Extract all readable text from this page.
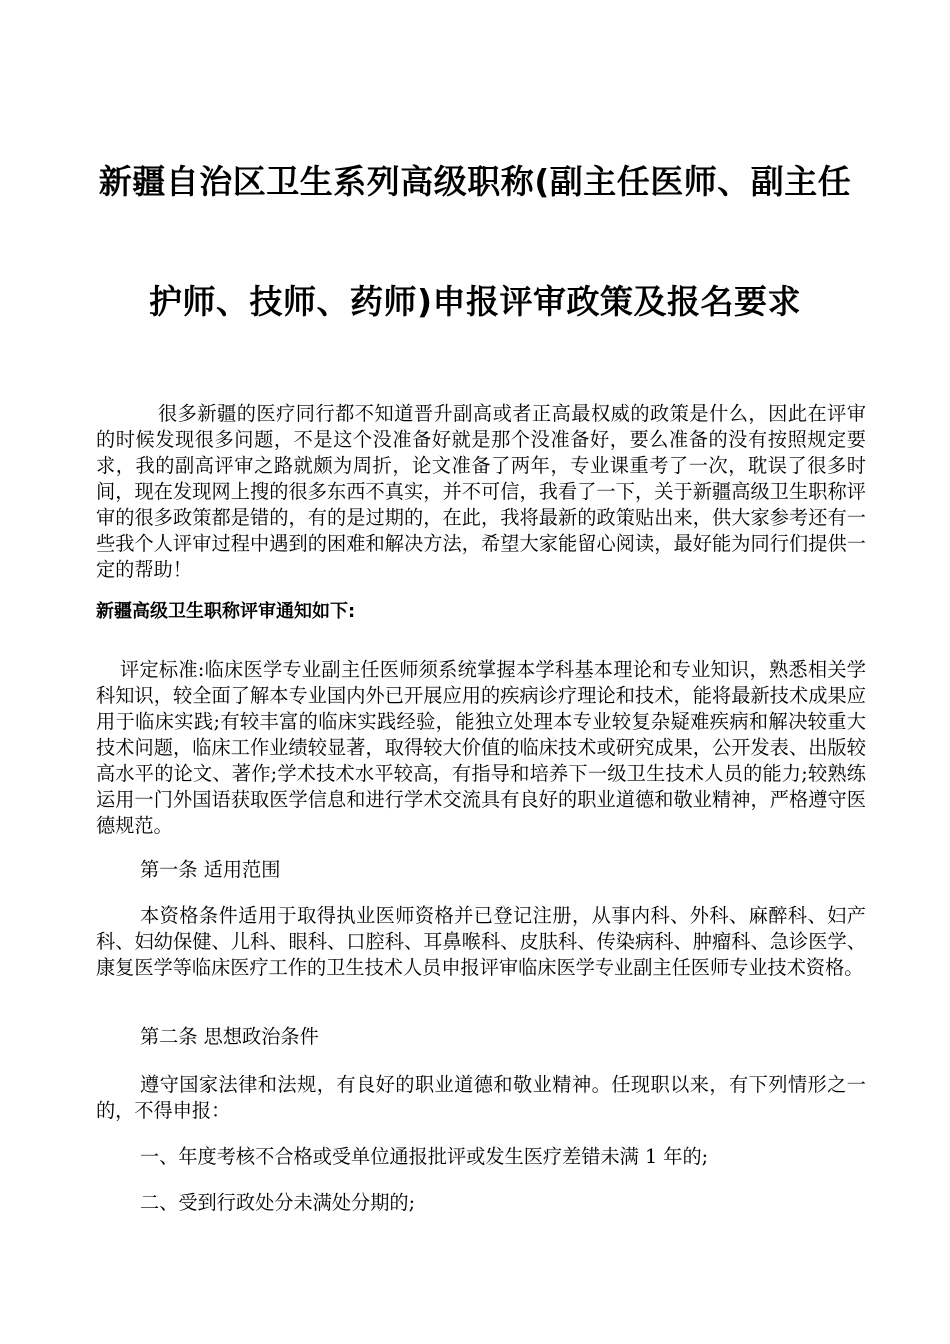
新疆自治区卫生系列高级职称(副主任医师、副主任
护师、技师、药师)申报评审政策及报名要求

很多新疆的医疗同行都不知道晋升副高或者正高最权威的政策是什么，因此在评审的时候发现很多问题，不是这个没准备好就是那个没准备好，要么准备的没有按照规定要求，我的副高评审之路就颇为周折，论文准备了两年，专业课重考了一次，耽误了很多时间，现在发现网上搜的很多东西不真实，并不可信，我看了一下，关于新疆高级卫生职称评审的很多政策都是错的，有的是过期的，在此，我将最新的政策贴出来，供大家参考还有一些我个人评审过程中遇到的困难和解决方法，希望大家能留心阅读，最好能为同行们提供一定的帮助！

新疆高级卫生职称评审通知如下:

评定标准:临床医学专业副主任医师须系统掌握本学科基本理论和专业知识，熟悉相关学科知识，较全面了解本专业国内外已开展应用的疾病诊疗理论和技术，能将最新技术成果应用于临床实践;有较丰富的临床实践经验，能独立处理本专业较复杂疑难疾病和解决较重大技术问题，临床工作业绩较显著，取得较大价值的临床技术或研究成果，公开发表、出版较高水平的论文、著作;学术技术水平较高，有指导和培养下一级卫生技术人员的能力;较熟练运用一门外国语获取医学信息和进行学术交流具有良好的职业道德和敬业精神，严格遵守医德规范。

第一条 适用范围

本资格条件适用于取得执业医师资格并已登记注册，从事内科、外科、麻醉科、妇产科、妇幼保健、儿科、眼科、口腔科、耳鼻喉科、皮肤科、传染病科、肿瘤科、急诊医学、康复医学等临床医疗工作的卫生技术人员申报评审临床医学专业副主任医师专业技术资格。

第二条 思想政治条件

遵守国家法律和法规，有良好的职业道德和敬业精神。任现职以来，有下列情形之一的，不得申报：

一、年度考核不合格或受单位通报批评或发生医疗差错未满 1 年的;

二、受到行政处分未满处分期的;
